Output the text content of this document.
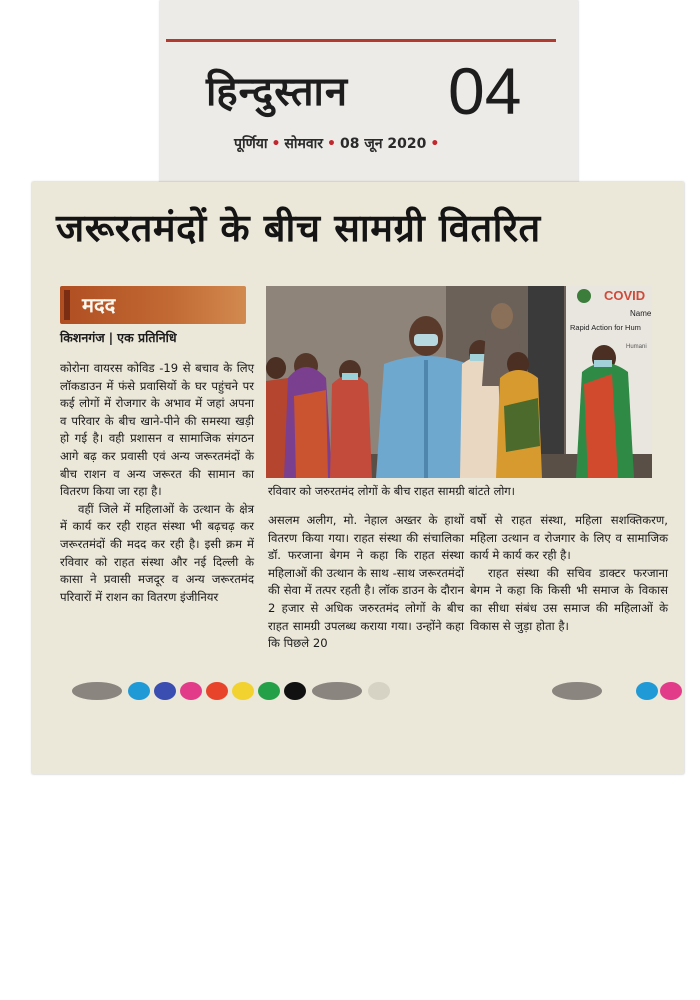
हिन्दुस्तान 04
पूर्णिया • सोमवार • 08 जून 2020 •
जरूरतमंदों के बीच सामग्री वितरित
मदद
किशनगंज | एक प्रतिनिधि

कोरोना वायरस कोविड -19 से बचाव के लिए लॉकडाउन में फंसे प्रवासियों के घर पहुंचने पर कई लोगों में रोजगार के अभाव में जहां अपना व परिवार के बीच खाने-पीने की समस्या खड़ी हो गई है। वही प्रशासन व सामाजिक संगठन आगे बढ़ कर प्रवासी एवं अन्य जरूरतमंदों के बीच राशन व अन्य जरूरत की सामान का वितरण किया जा रहा है।

वहीं जिले में महिलाओं के उत्थान के क्षेत्र में कार्य कर रही राहत संस्था भी बढ़चढ़ कर जरूरतमंदों की मदद कर रही है। इसी क्रम में रविवार को राहत संस्था और नई दिल्ली के कासा ने प्रवासी मजदूर व अन्य जरूरतमंद परिवारों में राशन का वितरण इंजीनियर

COVID
Name
Rapid Action for Hum
Humani
रविवार को जरुरतमंद लोगों के बीच राहत सामग्री बांटते लोग।

असलम अलीग, मो. नेहाल अख्तर के हाथों वितरण किया गया। राहत संस्था की संचालिका डॉ. फरजाना बेगम ने कहा कि राहत संस्था महिलाओं की उत्थान के साथ -साथ जरूरतमंदों की सेवा में तत्पर रहती है। लॉक डाउन के दौरान 2 हजार से अधिक जरुरतमंद लोगों के बीच राहत सामग्री उपलब्ध कराया गया। उन्होंने कहा कि पिछले 20

वर्षो से राहत संस्था, महिला सशक्तिकरण, महिला उत्थान व रोजगार के लिए व सामाजिक कार्य मे कार्य कर रही है।

राहत संस्था की सचिव डाक्टर फरजाना बेगम ने कहा कि किसी भी समाज के विकास का सीधा संबंध उस समाज की महिलाओं के विकास से जुड़ा होता है।
